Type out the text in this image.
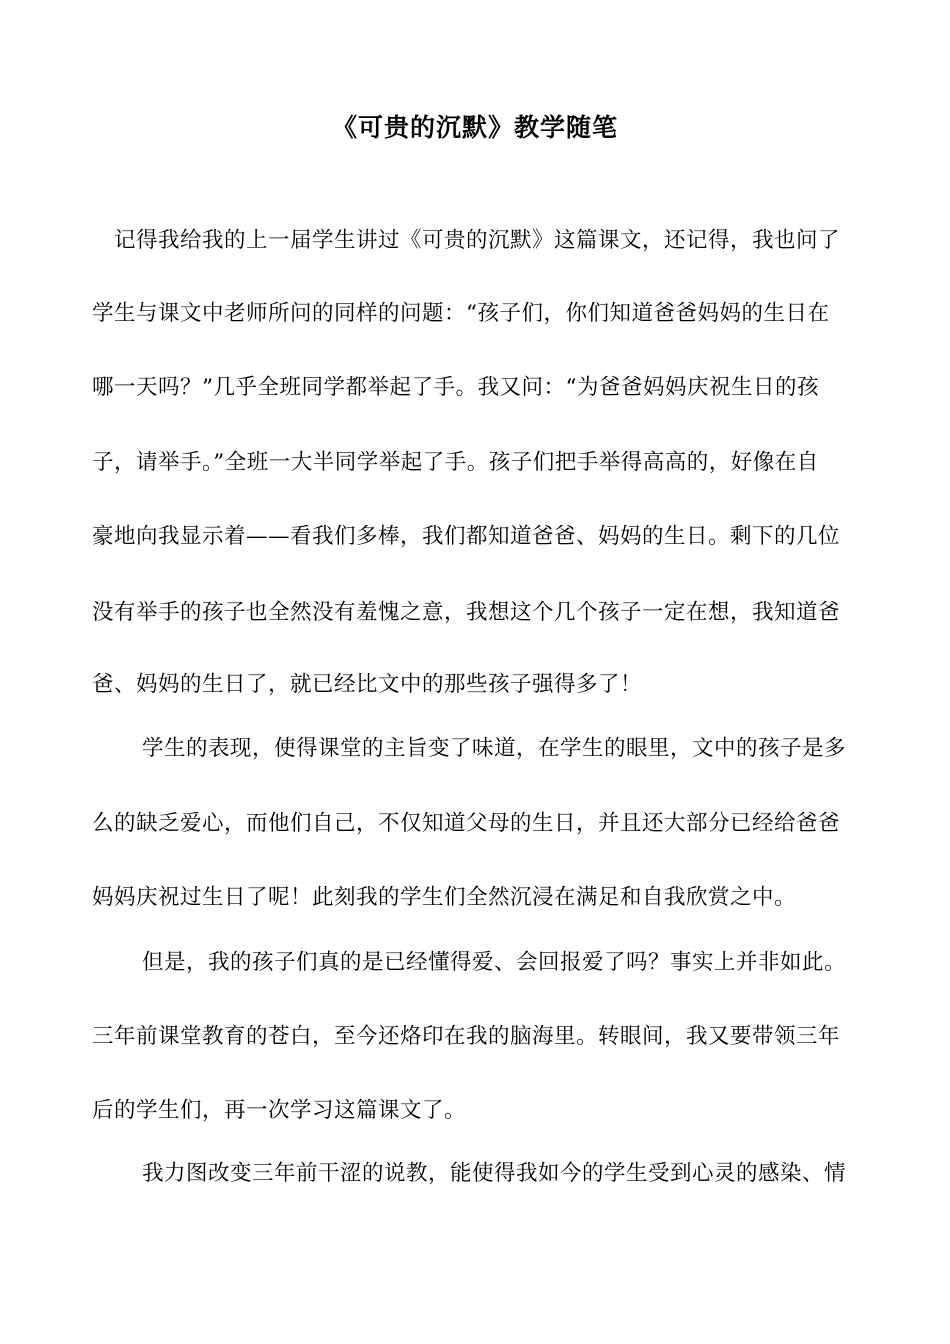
《可贵的沉默》教学随笔
记得我给我的上一届学生讲过《可贵的沉默》这篇课文，还记得，我也问了
学生与课文中老师所问的同样的问题：“孩子们，你们知道爸爸妈妈的生日在
哪一天吗？”几乎全班同学都举起了手。我又问：“为爸爸妈妈庆祝生日的孩
子，请举手。”全班一大半同学举起了手。孩子们把手举得高高的，好像在自
豪地向我显示着——看我们多棒，我们都知道爸爸、妈妈的生日。剩下的几位
没有举手的孩子也全然没有羞愧之意，我想这个几个孩子一定在想，我知道爸
爸、妈妈的生日了，就已经比文中的那些孩子强得多了！
学生的表现，使得课堂的主旨变了味道，在学生的眼里，文中的孩子是多
么的缺乏爱心，而他们自己，不仅知道父母的生日，并且还大部分已经给爸爸
妈妈庆祝过生日了呢！此刻我的学生们全然沉浸在满足和自我欣赏之中。
但是，我的孩子们真的是已经懂得爱、会回报爱了吗？事实上并非如此。
三年前课堂教育的苍白，至今还烙印在我的脑海里。转眼间，我又要带领三年
后的学生们，再一次学习这篇课文了。
我力图改变三年前干涩的说教，能使得我如今的学生受到心灵的感染、情
